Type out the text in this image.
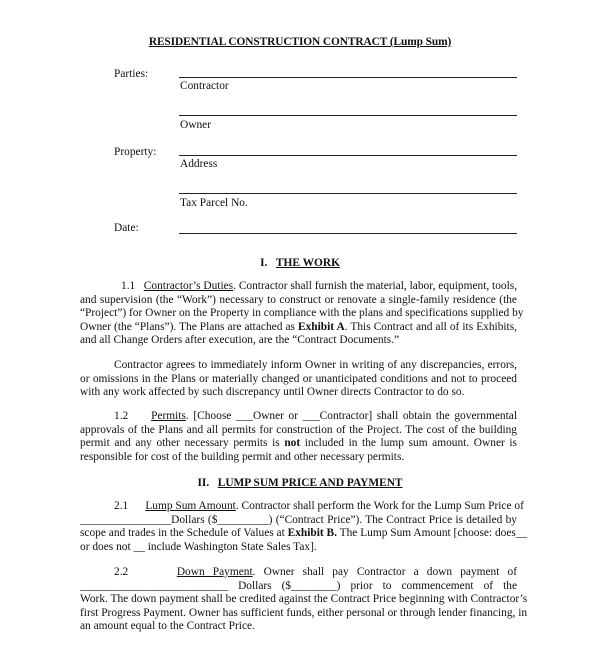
RESIDENTIAL CONSTRUCTION CONTRACT (Lump Sum)
Parties:
Contractor
Owner
Property:
Address
Tax Parcel No.
Date:
I. THE WORK
1.1 Contractor’s Duties. Contractor shall furnish the material, labor, equipment, tools,
and supervision (the “Work”) necessary to construct or renovate a single-family residence (the
“Project”) for Owner on the Property in compliance with the plans and specifications supplied by
Owner (the “Plans”). The Plans are attached as Exhibit A. This Contract and all of its Exhibits,
and all Change Orders after execution, are the “Contract Documents.”
Contractor agrees to immediately inform Owner in writing of any discrepancies, errors,
or omissions in the Plans or materially changed or unanticipated conditions and not to proceed
with any work affected by such discrepancy until Owner directs Contractor to do so.
1.2 Permits. [Choose ___Owner or ___Contractor] shall obtain the governmental
approvals of the Plans and all permits for construction of the Project. The cost of the building
permit and any other necessary permits is not included in the lump sum amount. Owner is
responsible for cost of the building permit and other necessary permits.
II. LUMP SUM PRICE AND PAYMENT
2.1 Lump Sum Amount. Contractor shall perform the Work for the Lump Sum Price of
________________Dollars ($_________) (“Contract Price”). The Contract Price is detailed by
scope and trades in the Schedule of Values at Exhibit B. The Lump Sum Amount [choose: does__
or does not __ include Washington State Sales Tax].
2.2	Down Payment. Owner shall pay Contractor a down payment of
__________________________ Dollars ($________) prior to commencement of the
Work. The down payment shall be credited against the Contract Price beginning with Contractor’s
first Progress Payment. Owner has sufficient funds, either personal or through lender financing, in
an amount equal to the Contract Price.
